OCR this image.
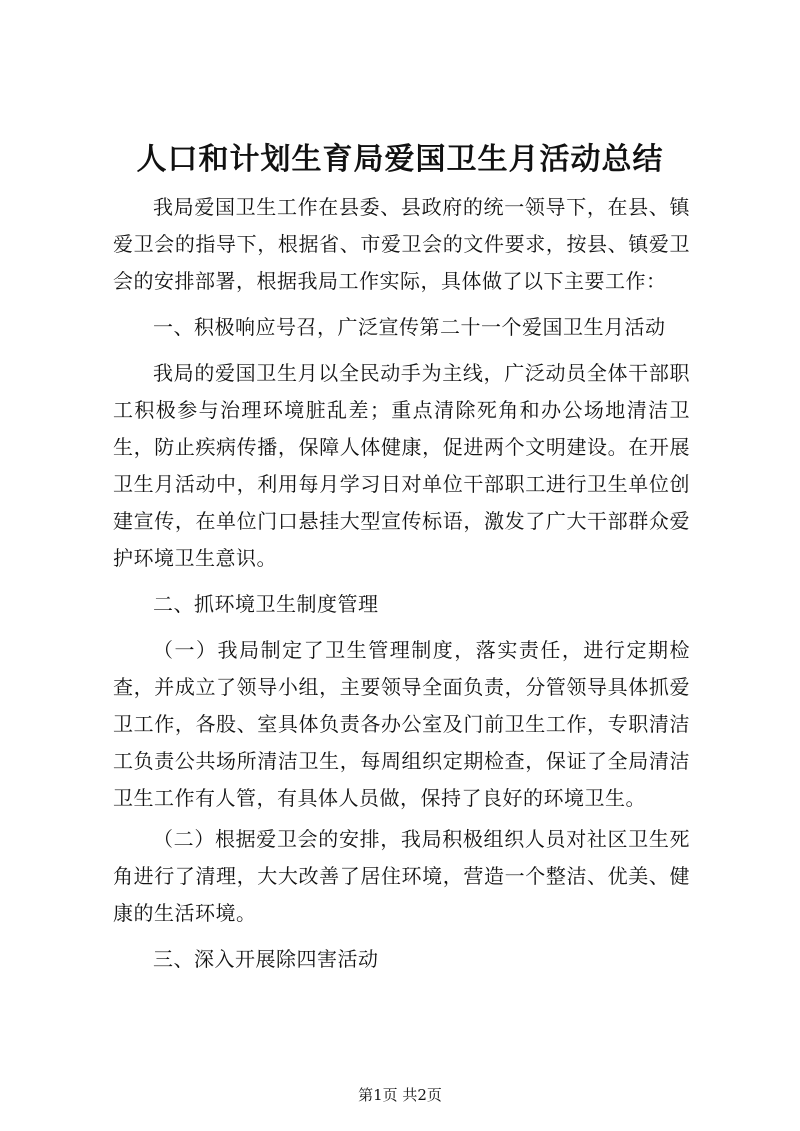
人口和计划生育局爱国卫生月活动总结

我局爱国卫生工作在县委、县政府的统一领导下，在县、镇爱卫会的指导下，根据省、市爱卫会的文件要求，按县、镇爱卫会的安排部署，根据我局工作实际，具体做了以下主要工作：

一、积极响应号召，广泛宣传第二十一个爱国卫生月活动

我局的爱国卫生月以全民动手为主线，广泛动员全体干部职工积极参与治理环境脏乱差；重点清除死角和办公场地清洁卫生，防止疾病传播，保障人体健康，促进两个文明建设。在开展卫生月活动中，利用每月学习日对单位干部职工进行卫生单位创建宣传，在单位门口悬挂大型宣传标语，激发了广大干部群众爱护环境卫生意识。

二、抓环境卫生制度管理

（一）我局制定了卫生管理制度，落实责任，进行定期检查，并成立了领导小组，主要领导全面负责，分管领导具体抓爱卫工作，各股、室具体负责各办公室及门前卫生工作，专职清洁工负责公共场所清洁卫生，每周组织定期检查，保证了全局清洁卫生工作有人管，有具体人员做，保持了良好的环境卫生。

（二）根据爱卫会的安排，我局积极组织人员对社区卫生死角进行了清理，大大改善了居住环境，营造一个整洁、优美、健康的生活环境。

三、深入开展除四害活动

第1页 共2页
